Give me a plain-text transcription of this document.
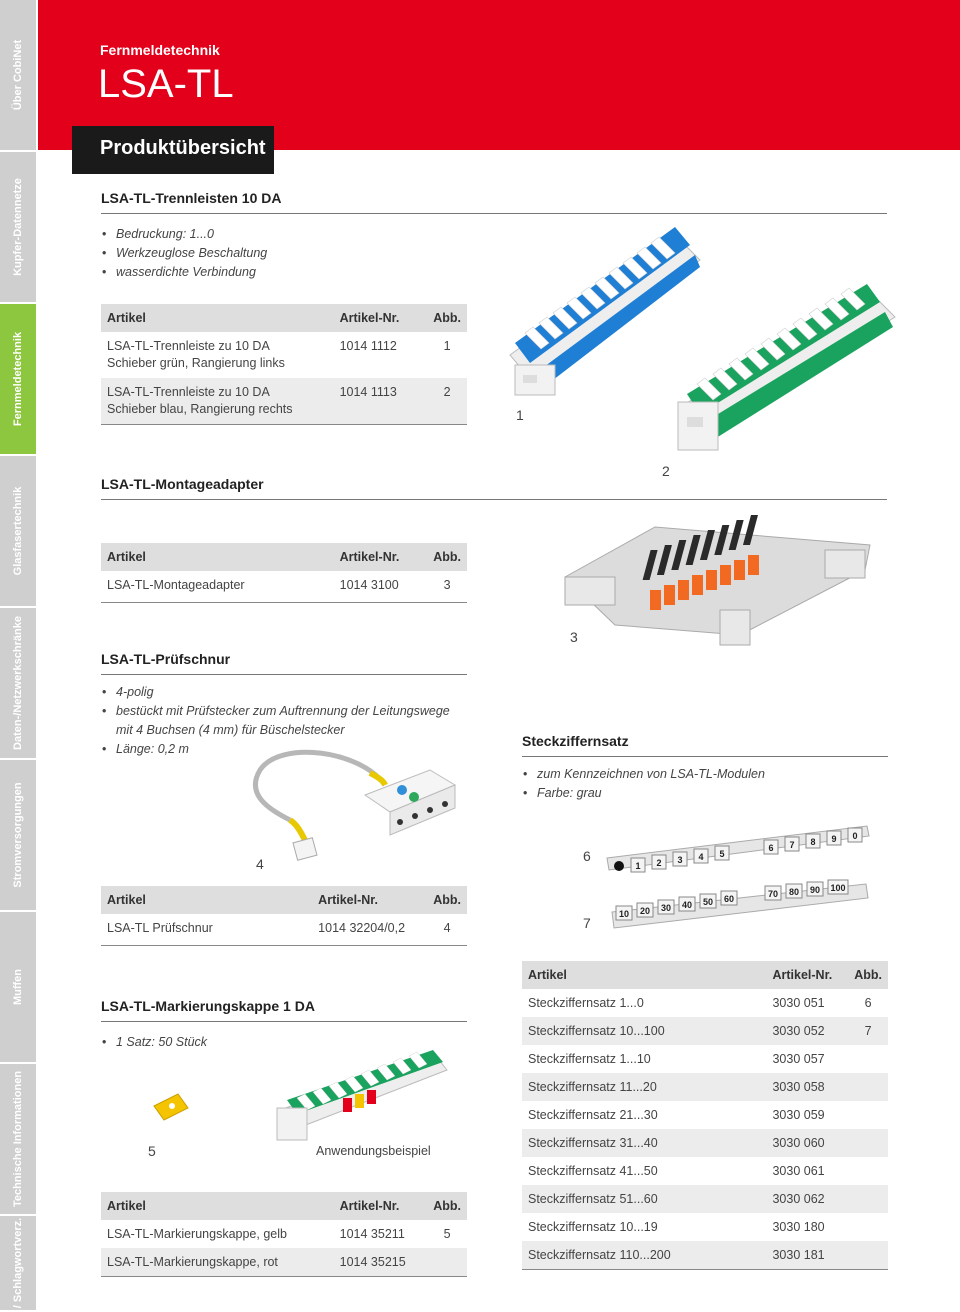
Über CobiNet
Kupfer-Datennetze
Fernmeldetechnik
Glasfasertechnik
Daten-/Netzwerkschränke
Stromversorgungen
Muffen
Technische Informationen
/ Schlagwortverz.
Fernmeldetechnik
LSA-TL
Produktübersicht
LSA-TL-Trennleisten 10 DA
• Bedruckung: 1...0
• Werkzeuglose Beschaltung
• wasserdichte Verbindung
Artikel	Artikel-Nr.	Abb.

LSA-TL-Trennleiste zu 10 DA
Schieber grün, Rangierung links	1014 1112	1

LSA-TL-Trennleiste zu 10 DA
Schieber blau, Rangierung rechts	1014 1113	2
1
2
LSA-TL-Montageadapter
Artikel	Artikel-Nr.	Abb.
LSA-TL-Montageadapter	1014 3100	3
3
LSA-TL-Prüfschnur
• 4-polig
• bestückt mit Prüfstecker zum Auftrennung der Leitungswege
mit 4 Buchsen (4 mm) für Büschelstecker
• Länge: 0,2 m
4
Artikel	Artikel-Nr.	Abb.
LSA-TL Prüfschnur	1014 32204/0,2	4
LSA-TL-Markierungskappe 1 DA
• 1 Satz: 50 Stück
5	Anwendungsbeispiel
Artikel	Artikel-Nr.	Abb.
LSA-TL-Markierungskappe, gelb	1014 35211	5
LSA-TL-Markierungskappe, rot	1014 35215	
Steckziffernsatz
• zum Kennzeichnen von LSA-TL-Modulen
• Farbe: grau
1 2 3 4 5
6 7 8 9 0
6
10 20 30 40 50 60	70 80 90 100
7
Artikel	Artikel-Nr.	Abb.
Steckziffernsatz 1...0	3030 051	6
Steckziffernsatz 10...100	3030 052	7
Steckziffernsatz 1...10	3030 057	
Steckziffernsatz 11...20	3030 058	
Steckziffernsatz 21...30	3030 059	
Steckziffernsatz 31...40	3030 060	
Steckziffernsatz 41...50	3030 061	
Steckziffernsatz 51...60	3030 062	
Steckziffernsatz 10...19	3030 180	
Steckziffernsatz 110...200	3030 181	
